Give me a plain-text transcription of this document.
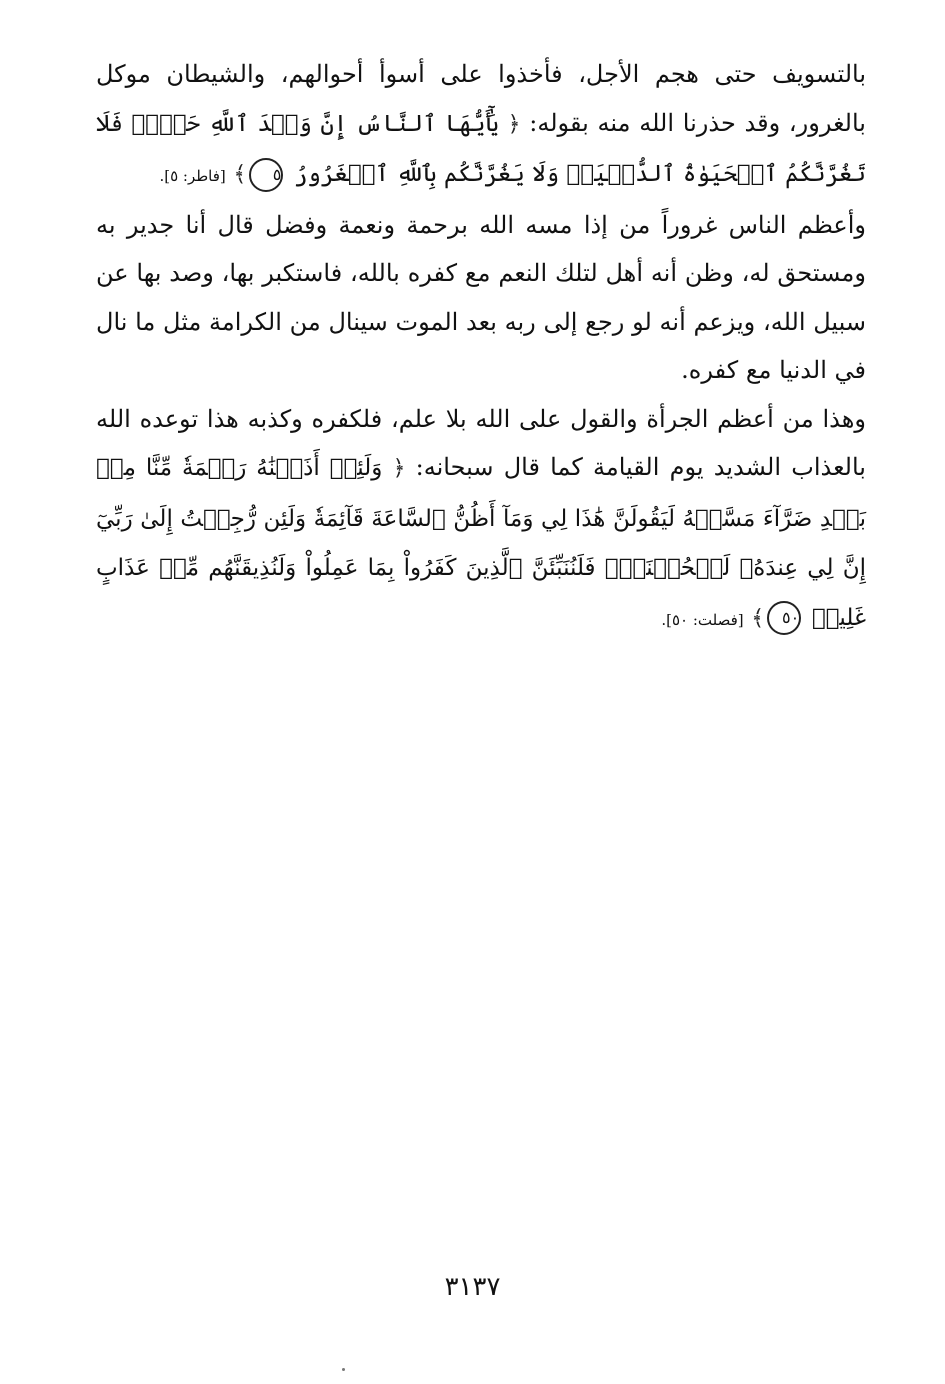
بالتسويف حتى هجم الأجل، فأخذوا على أسوأ أحوالهم، والشيطان موكل بالغرور، وقد حذرنا الله منه بقوله: ﴿ يَٰٓأَيُّهَا ٱلنَّاسُ إِنَّ وَعۡدَ ٱللَّهِ حَقّٞۖ فَلَا تَغُرَّنَّكُمُ ٱلۡحَيَوٰةُ ٱلدُّنۡيَاۖ وَلَا يَغُرَّنَّكُم بِٱللَّهِ ٱلۡغَرُورُ ٥﴾ [فاطر: ٥].

وأعظم الناس غروراً من إذا مسه الله برحمة ونعمة وفضل قال أنا جدير به ومستحق له، وظن أنه أهل لتلك النعم مع كفره بالله، فاستكبر بها، وصد بها عن سبيل الله، ويزعم أنه لو رجع إلى ربه بعد الموت سينال من الكرامة مثل ما نال في الدنيا مع كفره.

وهذا من أعظم الجرأة والقول على الله بلا علم، فلكفره وكذبه هذا توعده الله بالعذاب الشديد يوم القيامة كما قال سبحانه: ﴿ وَلَئِنۡ أَذَقۡنَٰهُ رَحۡمَةٗ مِّنَّا مِنۢ بَعۡدِ ضَرَّآءَ مَسَّتۡهُ لَيَقُولَنَّ هَٰذَا لِي وَمَآ أَظُنُّ ٱلسَّاعَةَ قَآئِمَةٗ وَلَئِن رُّجِعۡتُ إِلَىٰ رَبِّيٓ إِنَّ لِي عِندَهُۥ لَلۡحُسۡنَىٰۚ فَلَنُنَبِّئَنَّ ٱلَّذِينَ كَفَرُواْ بِمَا عَمِلُواْ وَلَنُذِيقَنَّهُم مِّنۡ عَذَابٍ غَلِيظٖ ٥٠﴾ [فصلت: ٥٠].

٣١٣٧
